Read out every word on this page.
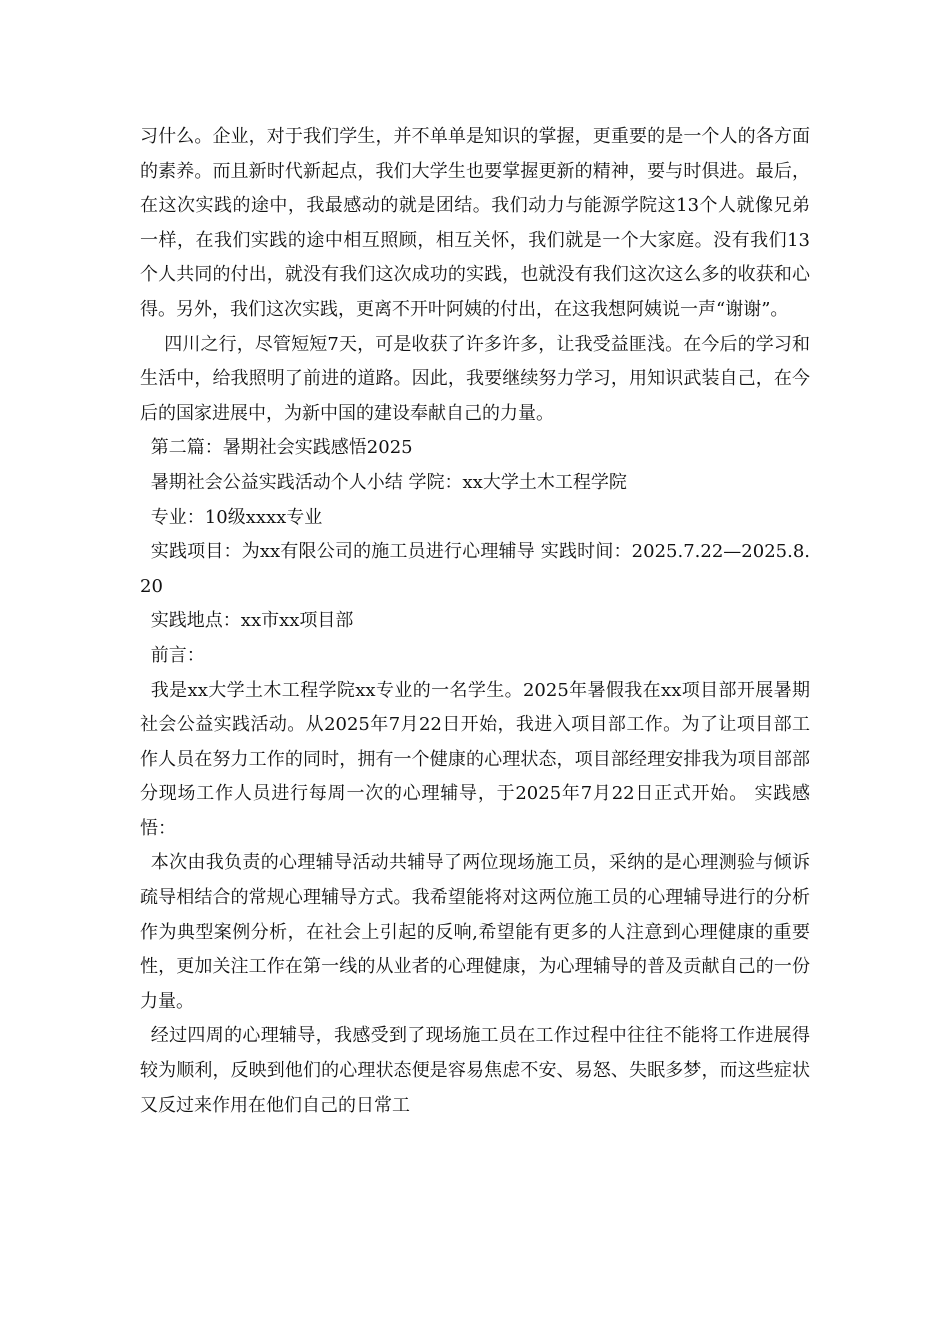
习什么。企业，对于我们学生，并不单单是知识的掌握，更重要的是一个人的各方面的素养。而且新时代新起点，我们大学生也要掌握更新的精神，要与时俱进。最后，在这次实践的途中，我最感动的就是团结。我们动力与能源学院这13个人就像兄弟一样，在我们实践的途中相互照顾，相互关怀，我们就是一个大家庭。没有我们13个人共同的付出，就没有我们这次成功的实践，也就没有我们这次这么多的收获和心得。另外，我们这次实践，更离不开叶阿姨的付出，在这我想阿姨说一声“谢谢”。

四川之行，尽管短短7天，可是收获了许多许多，让我受益匪浅。在今后的学习和生活中，给我照明了前进的道路。因此，我要继续努力学习，用知识武装自己，在今后的国家进展中，为新中国的建设奉献自己的力量。

第二篇：暑期社会实践感悟2025

暑期社会公益实践活动个人小结 学院：xx大学土木工程学院

专业：10级xxxx专业

实践项目：为xx有限公司的施工员进行心理辅导 实践时间：2025.7.22—2025.8.20

实践地点：xx市xx项目部

前言：

我是xx大学土木工程学院xx专业的一名学生。2025年暑假我在xx项目部开展暑期社会公益实践活动。从2025年7月22日开始，我进入项目部工作。为了让项目部工作人员在努力工作的同时，拥有一个健康的心理状态，项目部经理安排我为项目部部分现场工作人员进行每周一次的心理辅导，于2025年7月22日正式开始。 实践感悟：

本次由我负责的心理辅导活动共辅导了两位现场施工员，采纳的是心理测验与倾诉疏导相结合的常规心理辅导方式。我希望能将对这两位施工员的心理辅导进行的分析作为典型案例分析，在社会上引起的反响,希望能有更多的人注意到心理健康的重要性，更加关注工作在第一线的从业者的心理健康，为心理辅导的普及贡献自己的一份力量。

经过四周的心理辅导，我感受到了现场施工员在工作过程中往往不能将工作进展得较为顺利，反映到他们的心理状态便是容易焦虑不安、易怒、失眠多梦，而这些症状又反过来作用在他们自己的日常工
